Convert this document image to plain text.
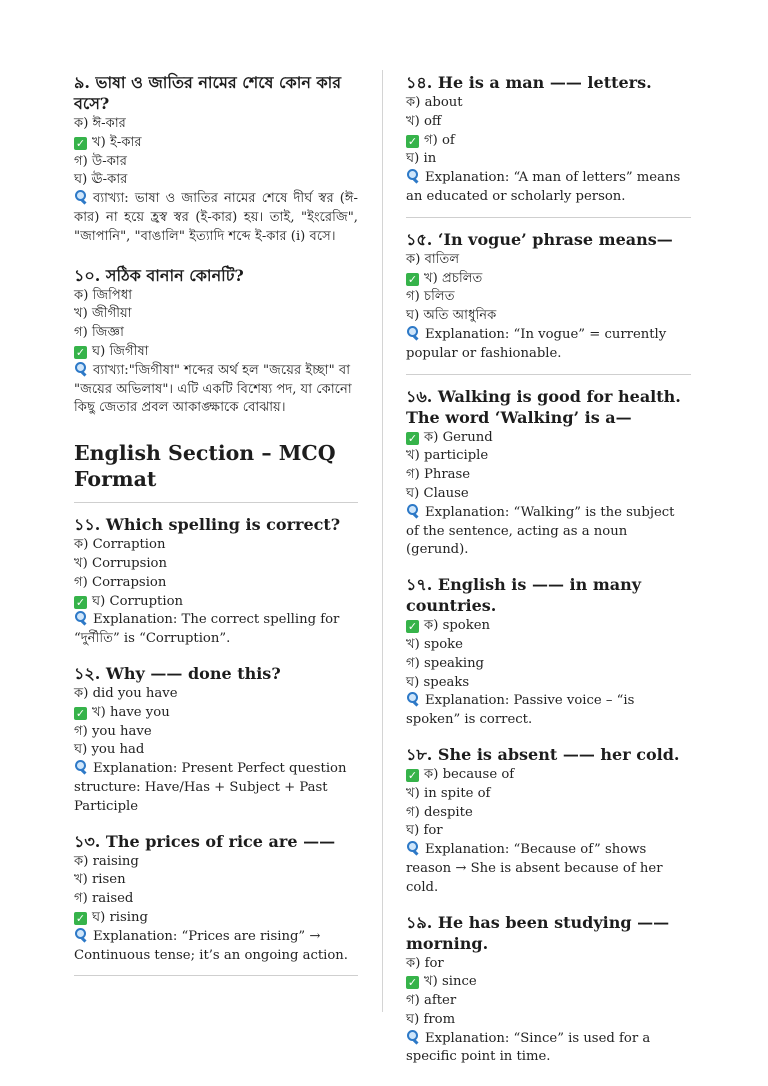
৯. ভাষা ও জাতির নামের শেষে কোন কার বসে?
ক) ঈ-কার
✓ খ) ই-কার
গ) উ-কার
ঘ) ঊ-কার
ব্যাখ্যা: ভাষা ও জাতির নামের শেষে দীর্ঘ স্বর (ঈ-কার) না হয়ে হ্রস্ব স্বর (ই-কার) হয়। তাই, "ইংরেজি", "জাপানি", "বাঙালি" ইত্যাদি শব্দে ই-কার (i) বসে।
১০. সঠিক বানান কোনটি?
ক) জিপিধা
খ) জীগীয়া
গ) জিজ্ঞা
✓ ঘ) জিগীষা
ব্যাখ্যা:"জিগীষা" শব্দের অর্থ হল "জয়ের ইচ্ছা" বা "জয়ের অভিলাষ"। এটি একটি বিশেষ্য পদ, যা কোনো কিছু জেতার প্রবল আকাঙ্ক্ষাকে বোঝায়।
English Section – MCQ Format
১১. Which spelling is correct?
ক) Corraption
খ) Corrupsion
গ) Corrapsion
✓ ঘ) Corruption
Explanation: The correct spelling for “দুর্নীতি” is “Corruption”.
১২. Why —— done this?
ক) did you have
✓ খ) have you
গ) you have
ঘ) you had
Explanation: Present Perfect question structure: Have/Has + Subject + Past Participle
১৩. The prices of rice are ——
ক) raising
খ) risen
গ) raised
✓ ঘ) rising
Explanation: “Prices are rising” → Continuous tense; it’s an ongoing action.
১৪. He is a man —— letters.
ক) about
খ) off
✓ গ) of
ঘ) in
Explanation: “A man of letters” means an educated or scholarly person.
১৫. ‘In vogue’ phrase means—
ক) বাতিল
✓ খ) প্রচলিত
গ) চলিত
ঘ) অতি আধুনিক
Explanation: “In vogue” = currently popular or fashionable.
১৬. Walking is good for health. The word ‘Walking’ is a—
✓ ক) Gerund
খ) participle
গ) Phrase
ঘ) Clause
Explanation: “Walking” is the subject of the sentence, acting as a noun (gerund).
১৭. English is —— in many countries.
✓ ক) spoken
খ) spoke
গ) speaking
ঘ) speaks
Explanation: Passive voice – “is spoken” is correct.
১৮. She is absent —— her cold.
✓ ক) because of
খ) in spite of
গ) despite
ঘ) for
Explanation: “Because of” shows reason → She is absent because of her cold.
১৯. He has been studying —— morning.
ক) for
✓ খ) since
গ) after
ঘ) from
Explanation: “Since” is used for a specific point in time.
